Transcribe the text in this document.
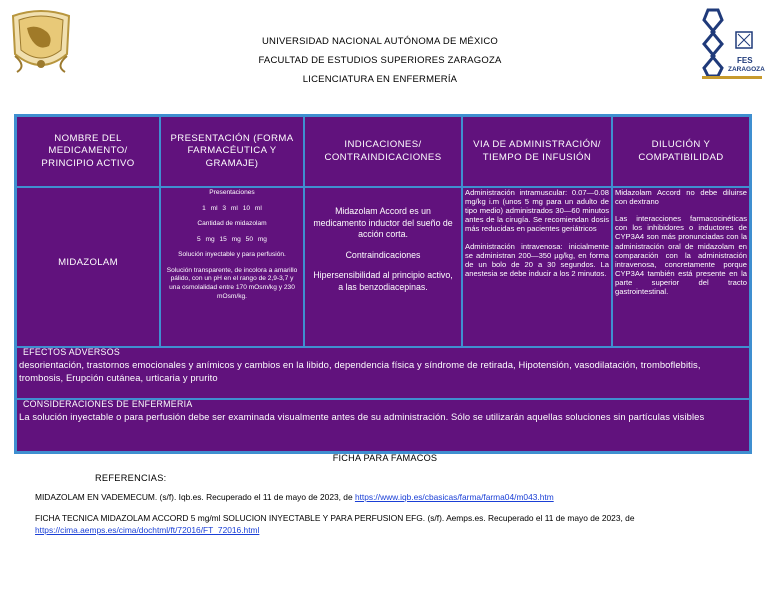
FES
ZARAGOZA
UNIVERSIDAD NACIONAL AUTÓNOMA DE MÉXICO
FACULTAD DE ESTUDIOS SUPERIORES ZARAGOZA
LICENCIATURA EN ENFERMERÍA
NOMBRE DEL MEDICAMENTO/ PRINCIPIO ACTIVO
PRESENTACIÓN (FORMA FARMACÉUTICA Y GRAMAJE)
INDICACIONES/ CONTRAINDICACIONES
VIA DE ADMINISTRACIÓN/ TIEMPO DE INFUSIÓN
DILUCIÓN Y COMPATIBILIDAD
MIDAZOLAM

Presentaciones

1 ml 3 ml 10 ml

Cantidad de midazolam

5 mg 15 mg 50 mg

Solución inyectable y para perfusión.

Solución transparente, de incolora a amarillo pálido, con un pH en el rango de 2,9-3,7 y una osmolalidad entre 170 mOsm/kg y 230 mOsm/kg.

Midazolam Accord es un medicamento inductor del sueño de acción corta.

Contraindicaciones

Hipersensibilidad al principio activo, a las benzodiacepinas.

Administración intramuscular: 0.07—0.08 mg/kg i.m (unos 5 mg para un adulto de tipo medio) administrados 30—60 minutos antes de la cirugía. Se recomiendan dosis más reducidas en pacientes geriátricos

Administración intravenosa: inicialmente se administran 200—350 µg/kg, en forma de un bolo de 20 a 30 segundos. La anestesia se debe inducir a los 2 minutos.

Midazolam Accord no debe diluirse con dextrano

Las interacciones farmacocinéticas con los inhibidores o inductores de CYP3A4 son más pronunciadas con la administración oral de midazolam en comparación con la administración intravenosa, concretamente porque CYP3A4 también está presente en la parte superior del tracto gastrointestinal.

EFECTOS ADVERSOS
desorientación, trastornos emocionales y anímicos y cambios en la libido, dependencia física y síndrome de retirada, Hipotensión, vasodilatación, tromboflebitis, trombosis, Erupción cutánea, urticaria y prurito
CONSIDERACIONES DE ENFERMERÍA
La solución inyectable o para perfusión debe ser examinada visualmente antes de su administración. Sólo se utilizarán aquellas soluciones sin partículas visibles
FICHA PARA FAMACOS
REFERENCIAS:
MIDAZOLAM EN VADEMECUM. (s/f). Iqb.es. Recuperado el 11 de mayo de 2023, de https://www.iqb.es/cbasicas/farma/farma04/m043.htm
FICHA TECNICA MIDAZOLAM ACCORD 5 mg/ml SOLUCION INYECTABLE Y PARA PERFUSION EFG. (s/f). Aemps.es. Recuperado el 11 de mayo de 2023, de https://cima.aemps.es/cima/dochtml/ft/72016/FT_72016.html
